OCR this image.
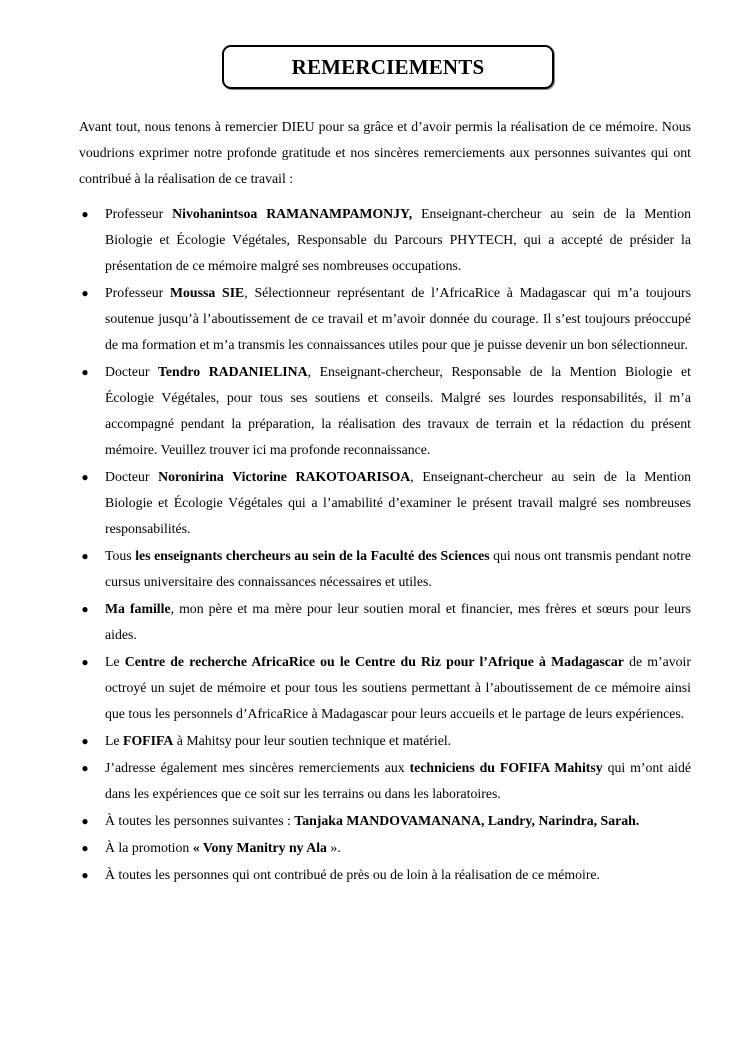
REMERCIEMENTS

Avant tout, nous tenons à remercier DIEU pour sa grâce et d’avoir permis la réalisation de ce mémoire. Nous voudrions exprimer notre profonde gratitude et nos sincères remerciements aux personnes suivantes qui ont contribué à la réalisation de ce travail :

● Professeur Nivohanintsoa RAMANAMPAMONJY, Enseignant-chercheur au sein de la Mention Biologie et Écologie Végétales, Responsable du Parcours PHYTECH, qui a accepté de présider la présentation de ce mémoire malgré ses nombreuses occupations.
● Professeur Moussa SIE, Sélectionneur représentant de l’AfricaRice à Madagascar qui m’a toujours soutenue jusqu’à l’aboutissement de ce travail et m’avoir donnée du courage. Il s’est toujours préoccupé de ma formation et m’a transmis les connaissances utiles pour que je puisse devenir un bon sélectionneur.
● Docteur Tendro RADANIELINA, Enseignant-chercheur, Responsable de la Mention Biologie et Écologie Végétales, pour tous ses soutiens et conseils. Malgré ses lourdes responsabilités, il m’a accompagné pendant la préparation, la réalisation des travaux de terrain et la rédaction du présent mémoire. Veuillez trouver ici ma profonde reconnaissance.
● Docteur Noronirina Victorine RAKOTOARISOA, Enseignant-chercheur au sein de la Mention Biologie et Écologie Végétales qui a l’amabilité d’examiner le présent travail malgré ses nombreuses responsabilités.
● Tous les enseignants chercheurs au sein de la Faculté des Sciences qui nous ont transmis pendant notre cursus universitaire des connaissances nécessaires et utiles.
● Ma famille, mon père et ma mère pour leur soutien moral et financier, mes frères et sœurs pour leurs aides.
● Le Centre de recherche AfricaRice ou le Centre du Riz pour l’Afrique à Madagascar de m’avoir octroyé un sujet de mémoire et pour tous les soutiens permettant à l’aboutissement de ce mémoire ainsi que tous les personnels d’AfricaRice à Madagascar pour leurs accueils et le partage de leurs expériences.
● Le FOFIFA à Mahitsy pour leur soutien technique et matériel.
● J’adresse également mes sincères remerciements aux techniciens du FOFIFA Mahitsy qui m’ont aidé dans les expériences que ce soit sur les terrains ou dans les laboratoires.
● À toutes les personnes suivantes : Tanjaka MANDOVAMANANA, Landry, Narindra, Sarah.
● À la promotion « Vony Manitry ny Ala ».
● À toutes les personnes qui ont contribué de près ou de loin à la réalisation de ce mémoire.
